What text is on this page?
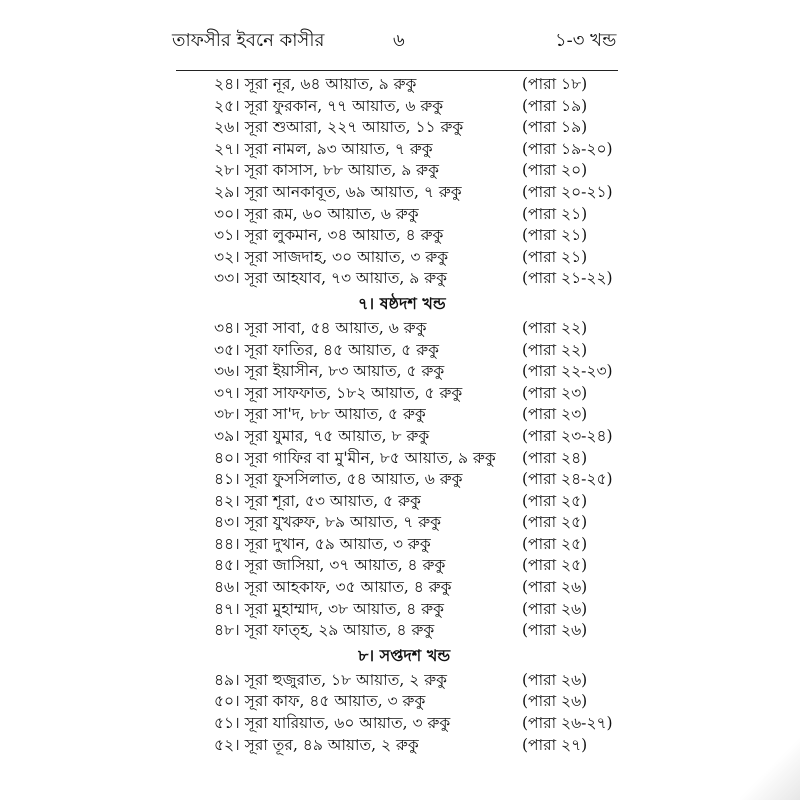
তাফসীর ইবনে কাসীর	৬	১-৩ খন্ড
২৪। সূরা নূর, ৬৪ আয়াত, ৯ রুকু	(পারা ১৮)
২৫। সূরা ফুরকান, ৭৭ আয়াত, ৬ রুকু	(পারা ১৯)
২৬। সূরা শুআরা, ২২৭ আয়াত, ১১ রুকু	(পারা ১৯)
২৭। সূরা নামল, ৯৩ আয়াত, ৭ রুকু	(পারা ১৯-২০)
২৮। সূরা কাসাস, ৮৮ আয়াত, ৯ রুকু	(পারা ২০)
২৯। সূরা আনকাবূত, ৬৯ আয়াত, ৭ রুকু	(পারা ২০-২১)
৩০। সূরা রূম, ৬০ আয়াত, ৬ রুকু	(পারা ২১)
৩১। সূরা লুকমান, ৩৪ আয়াত, ৪ রুকু	(পারা ২১)
৩২। সূরা সাজদাহ, ৩০ আয়াত, ৩ রুকু	(পারা ২১)
৩৩। সূরা আহযাব, ৭৩ আয়াত, ৯ রুকু	(পারা ২১-২২)
৭। ষষ্ঠদশ খন্ড
৩৪। সূরা সাবা, ৫৪ আয়াত, ৬ রুকু	(পারা ২২)
৩৫। সূরা ফাতির, ৪৫ আয়াত, ৫ রুকু	(পারা ২২)
৩৬। সূরা ইয়াসীন, ৮৩ আয়াত, ৫ রুকু	(পারা ২২-২৩)
৩৭। সূরা সাফফাত, ১৮২ আয়াত, ৫ রুকু	(পারা ২৩)
৩৮। সূরা সা'দ, ৮৮ আয়াত, ৫ রুকু	(পারা ২৩)
৩৯। সূরা যুমার, ৭৫ আয়াত, ৮ রুকু	(পারা ২৩-২৪)
৪০। সূরা গাফির বা মু'মীন, ৮৫ আয়াত, ৯ রুকু (পারা ২৪)
৪১। সূরা ফুসসিলাত, ৫৪ আয়াত, ৬ রুকু	(পারা ২৪-২৫)
৪২। সূরা শূরা, ৫৩ আয়াত, ৫ রুকু	(পারা ২৫)
৪৩। সূরা যুখরুফ, ৮৯ আয়াত, ৭ রুকু	(পারা ২৫)
৪৪। সূরা দুখান, ৫৯ আয়াত, ৩ রুকু	(পারা ২৫)
৪৫। সূরা জাসিয়া, ৩৭ আয়াত, ৪ রুকু	(পারা ২৫)
৪৬। সূরা আহকাফ, ৩৫ আয়াত, ৪ রুকু	(পারা ২৬)
৪৭। সূরা মুহাম্মাদ, ৩৮ আয়াত, ৪ রুকু	(পারা ২৬)
৪৮। সূরা ফাত্হ, ২৯ আয়াত, ৪ রুকু	(পারা ২৬)
৮। সপ্তদশ খন্ড
৪৯। সূরা হুজুরাত, ১৮ আয়াত, ২ রুকু	(পারা ২৬)
৫০। সূরা কাফ, ৪৫ আয়াত, ৩ রুকু	(পারা ২৬)
৫১। সূরা যারিয়াত, ৬০ আয়াত, ৩ রুকু	(পারা ২৬-২৭)
৫২। সূরা তূর, ৪৯ আয়াত, ২ রুকু	(পারা ২৭)
